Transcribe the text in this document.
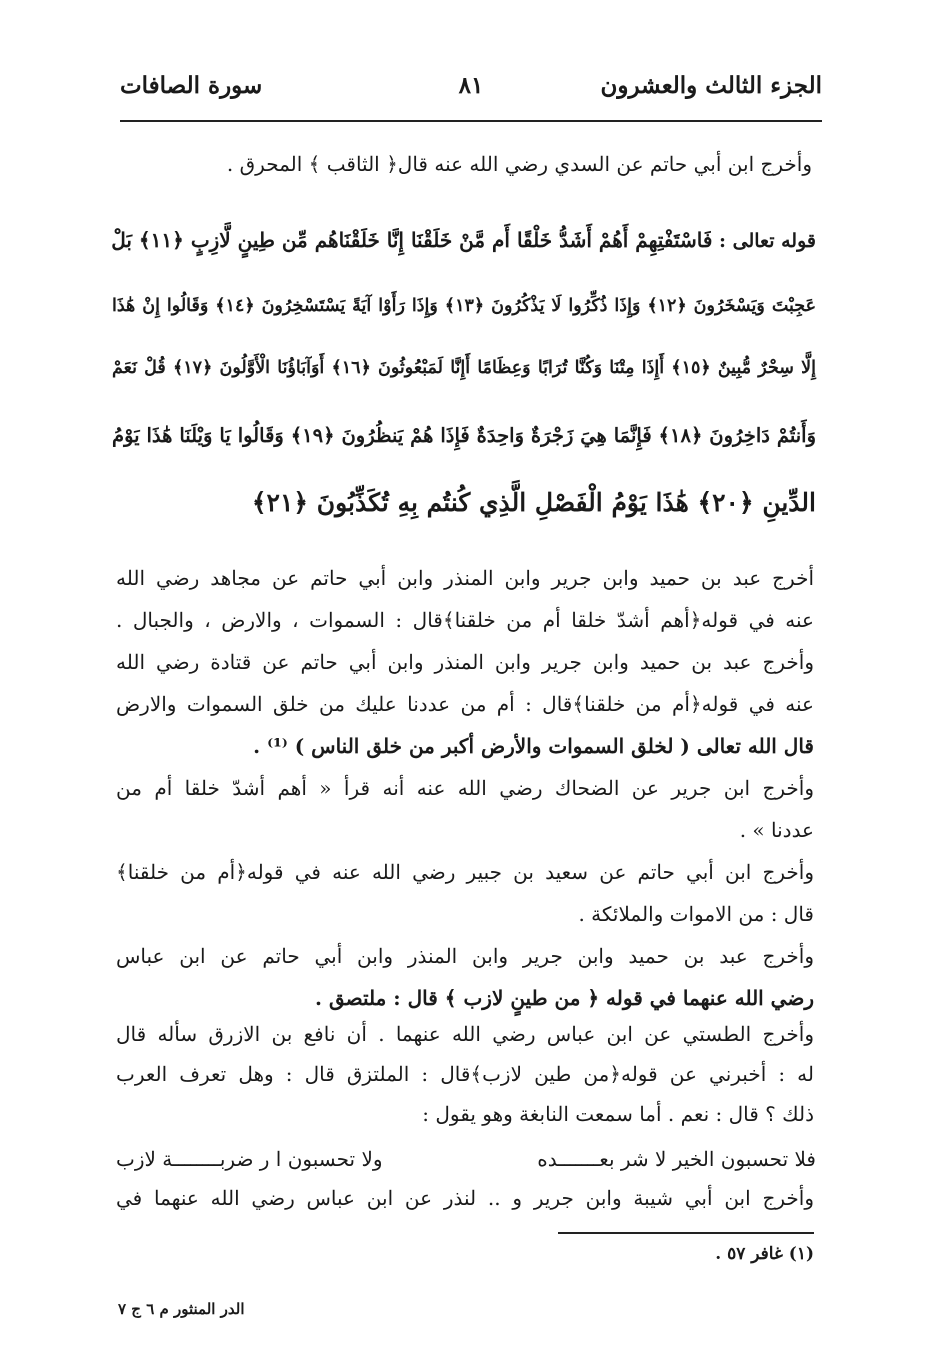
الجزء الثالث والعشرون
٨١
سورة الصافات
وأخرج ابن أبي حاتم عن السدي رضي الله عنه قال﴿ الثاقب ﴾ المحرق .
قوله تعالى : فَاسْتَفْتِهِمْ أَهُمْ أَشَدُّ خَلْقًا أَم مَّنْ خَلَقْنَا إِنَّا خَلَقْنَاهُم مِّن طِينٍ لَّازِبٍ ﴿١١﴾ بَلْ
عَجِبْتَ وَيَسْخَرُونَ ﴿١٢﴾ وَإِذَا ذُكِّرُوا لَا يَذْكُرُونَ ﴿١٣﴾ وَإِذَا رَأَوْا آيَةً يَسْتَسْخِرُونَ ﴿١٤﴾ وَقَالُوا إِنْ هَٰذَا
إِلَّا سِحْرٌ مُّبِينٌ ﴿١٥﴾ أَإِذَا مِتْنَا وَكُنَّا تُرَابًا وَعِظَامًا أَإِنَّا لَمَبْعُوثُونَ ﴿١٦﴾ أَوَآبَاؤُنَا الْأَوَّلُونَ ﴿١٧﴾ قُلْ نَعَمْ
وَأَنتُمْ دَاخِرُونَ ﴿١٨﴾ فَإِنَّمَا هِيَ زَجْرَةٌ وَاحِدَةٌ فَإِذَا هُمْ يَنظُرُونَ ﴿١٩﴾ وَقَالُوا يَا وَيْلَنَا هَٰذَا يَوْمُ
الدِّينِ ﴿٢٠﴾ هَٰذَا يَوْمُ الْفَصْلِ الَّذِي كُنتُم بِهِ تُكَذِّبُونَ ﴿٢١﴾
أخرج عبد بن حميد وابن جرير وابن المنذر وابن أبي حاتم عن مجاهد رضي الله
عنه في قوله﴿أهم أشدّ خلقا أم من خلقنا﴾قال : السموات ، والارض ، والجبال .
وأخرج عبد بن حميد وابن جرير وابن المنذر وابن أبي حاتم عن قتادة رضي الله
عنه في قوله﴿أم من خلقنا﴾قال : أم من عددنا عليك من خلق السموات والارض
قال الله تعالى ( لخلق السموات والأرض أكبر من خلق الناس ) ⁽¹⁾ .
وأخرج ابن جرير عن الضحاك رضي الله عنه أنه قرأ « أهم أشدّ خلقا أم من
عددنا » .
وأخرج ابن أبي حاتم عن سعيد بن جبير رضي الله عنه في قوله﴿أم من خلقنا﴾
قال : من الاموات والملائكة .
وأخرج عبد بن حميد وابن جرير وابن المنذر وابن أبي حاتم عن ابن عباس
رضي الله عنهما في قوله ﴿ من طينٍ لازب ﴾ قال : ملتصق .
وأخرج الطستي عن ابن عباس رضي الله عنهما . أن نافع بن الازرق سأله قال
له : أخبرني عن قوله﴿من طين لازب﴾قال : الملتزق قال : وهل تعرف العرب
ذلك ؟ قال : نعم . أما سمعت النابغة وهو يقول :
فلا تحسبون الخير لا شر بعـــــــده
ولا تحسبون ا ر ضربــــــــة لازب
وأخرج ابن أبي شيبة وابن جرير و .. لنذر عن ابن عباس رضي الله عنهما في
(١) غافر ٥٧ .
الدر المنثور م ٦ ج ٧
